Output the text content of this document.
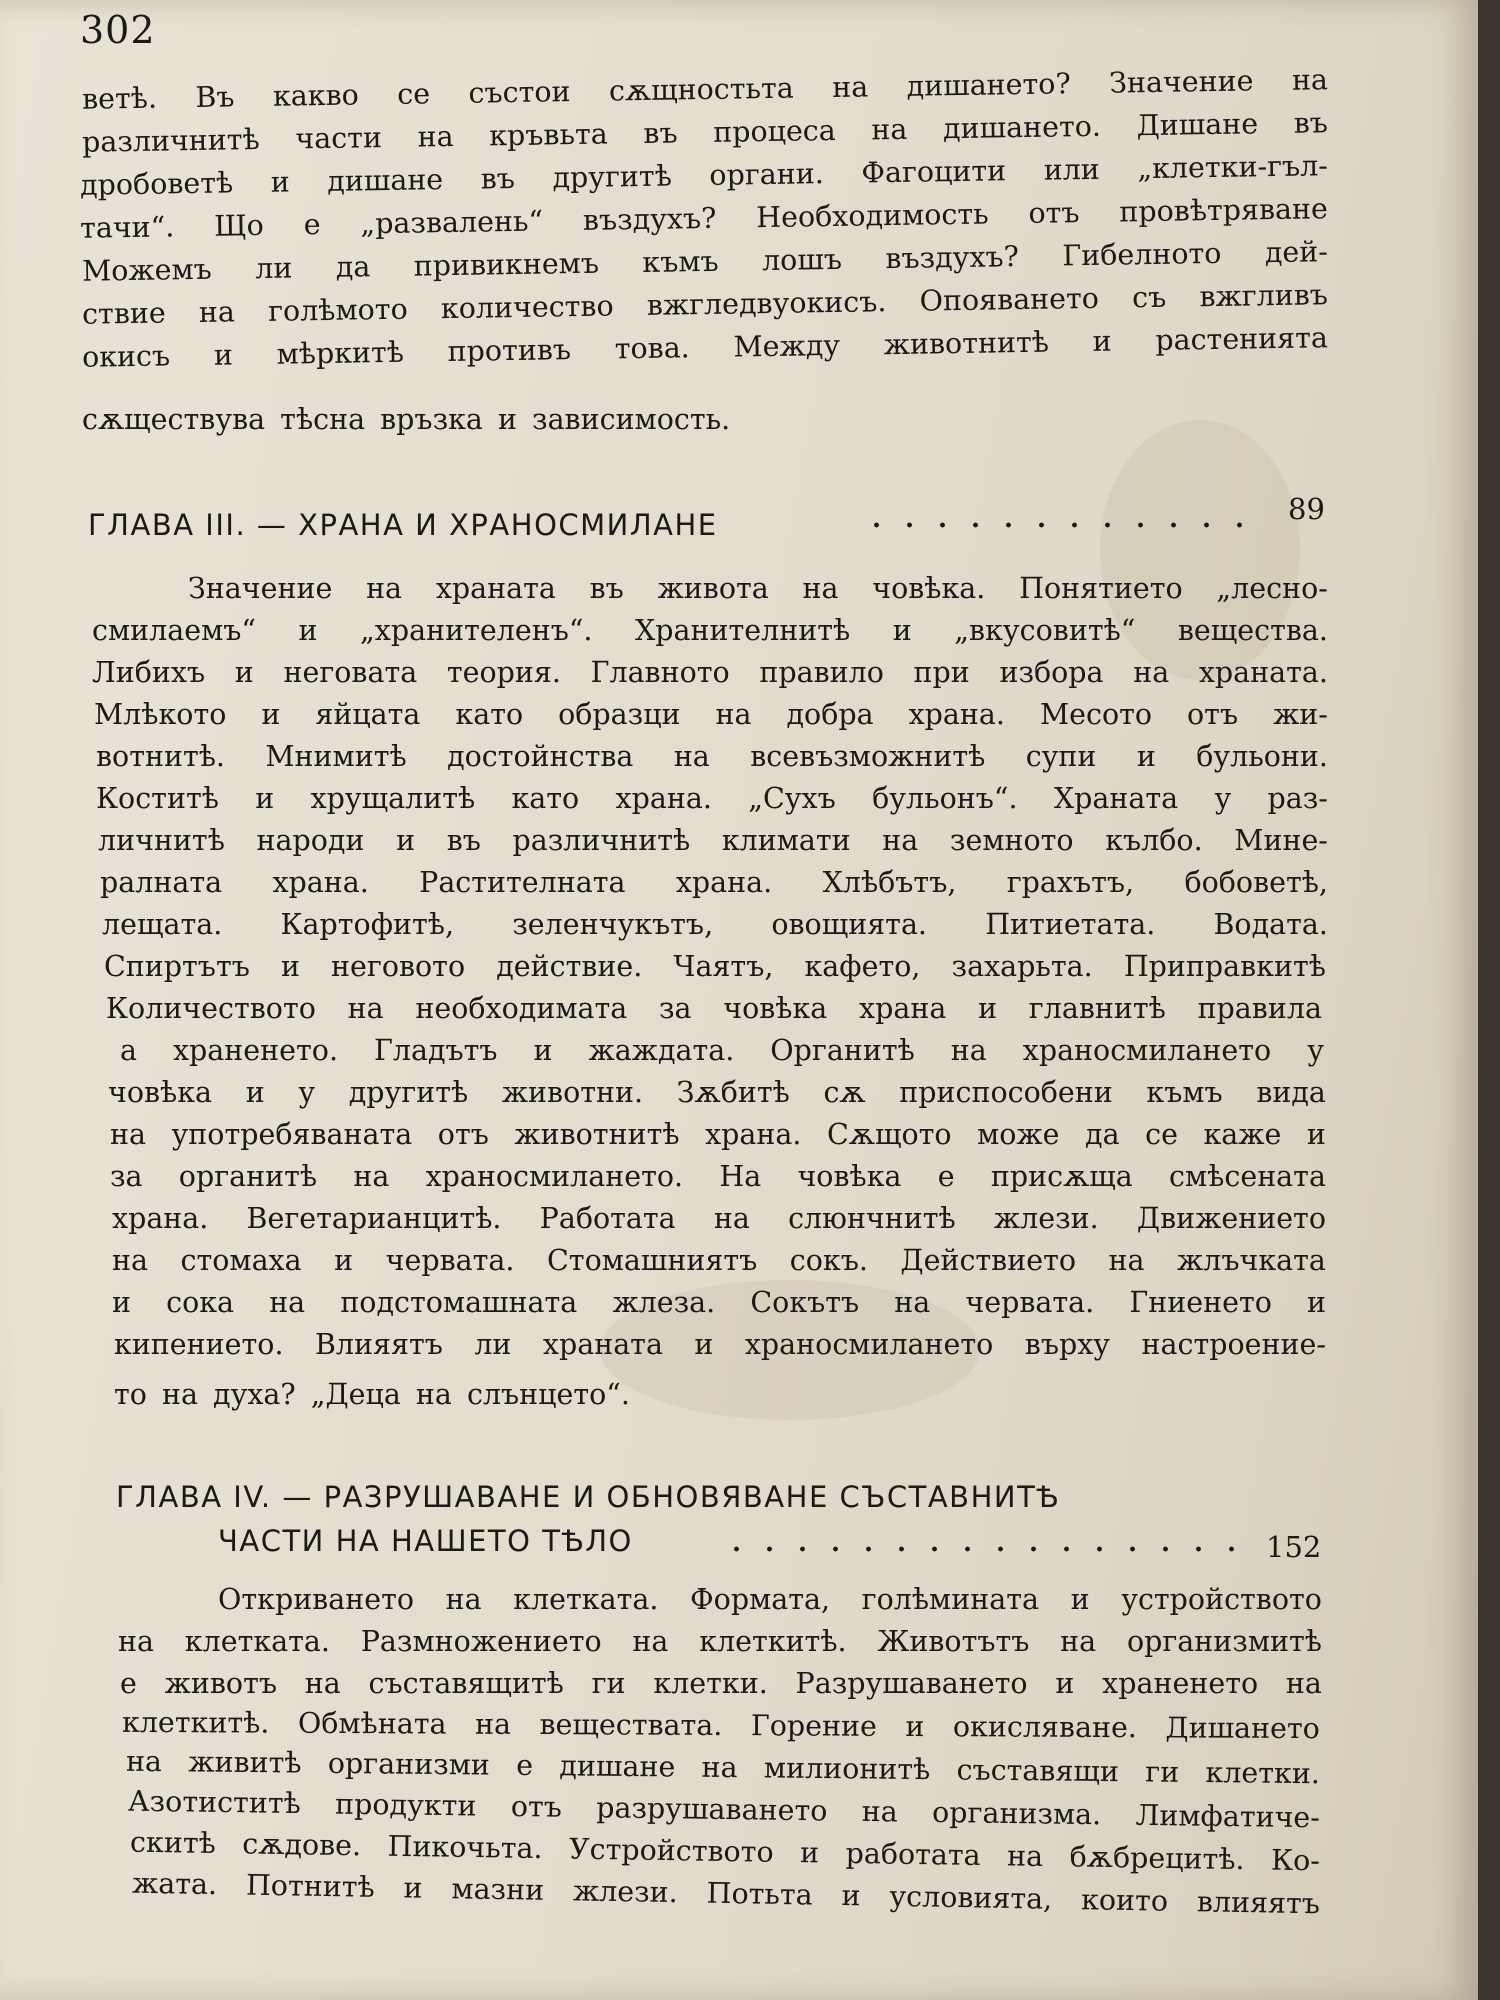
302
ветѣ. Въ какво се състои сѫщностьта на дишането? Значение на
различнитѣ части на кръвьта въ процеса на дишането. Дишане въ
дробоветѣ и дишане въ другитѣ органи. Фагоцити или „клетки-гъл-
тачи“. Що е „развалень“ въздухъ? Необходимость отъ провѣтряване
Можемъ ли да привикнемъ къмъ лошъ въздухъ? Гибелното дей-
ствие на голѣмото количество вжгледвуокисъ. Опояването съ вжгливъ
окисъ и мѣркитѣ противъ това. Между животнитѣ и растенията
сѫществува тѣсна връзка и зависимость.
ГЛАВА III. — ХРАНА И ХРАНОСМИЛАНЕ	89
Значение на храната въ живота на човѣка. Понятието „лесно-
смилаемъ“ и „хранителенъ“. Хранителнитѣ и „вкусовитѣ“ вещества.
Либихъ и неговата теория. Главното правило при избора на храната.
Млѣкото и яйцата като образци на добра храна. Месото отъ жи-
вотнитѣ. Мнимитѣ достойнства на всевъзможнитѣ супи и бульони.
Коститѣ и хрущалитѣ като храна. „Сухъ бульонъ“. Храната у раз-
личнитѣ народи и въ различнитѣ климати на земното кълбо. Мине-
ралната храна. Растителната храна. Хлѣбътъ, грахътъ, бобоветѣ,
лещата. Картофитѣ, зеленчукътъ, овощията. Питиетата. Водата.
Спиртътъ и неговото действие. Чаятъ, кафето, захарьта. Приправкитѣ
Количеството на необходимата за човѣка храна и главнитѣ правила
а храненето. Гладътъ и жаждата. Органитѣ на храносмилането у
човѣка и у другитѣ животни. Зѫбитѣ сѫ приспособени къмъ вида
на употребяваната отъ животнитѣ храна. Сѫщото може да се каже и
за органитѣ на храносмилането. На човѣка е присѫща смѣсената
храна. Вегетарианцитѣ. Работата на слюнчнитѣ жлези. Движението
на стомаха и червата. Стомашниятъ сокъ. Действието на жлъчката
и сока на подстомашната жлеза. Сокътъ на червата. Гниенето и
кипението. Влияятъ ли храната и храносмилането върху настроение-
то на духа? „Деца на слънцето“.
ГЛАВА IV. — РАЗРУШАВАНЕ И ОБНОВЯВАНЕ СЪСТАВНИТѢ
ЧАСТИ НА НАШЕТО ТѢЛО	152
Откриването на клетката. Формата, голѣмината и устройството
на клетката. Размножението на клеткитѣ. Животътъ на организмитѣ
е животъ на съставящитѣ ги клетки. Разрушаването и храненето на
клеткитѣ. Обмѣната на веществата. Горение и окисляване. Дишането
на живитѣ организми е дишане на милионитѣ съставящи ги клетки.
Азотиститѣ продукти отъ разрушаването на организма. Лимфатиче-
скитѣ сѫдове. Пикочьта. Устройството и работата на бѫбрецитѣ. Ко-
жата. Потнитѣ и мазни жлези. Потьта и условията, които влияятъ
